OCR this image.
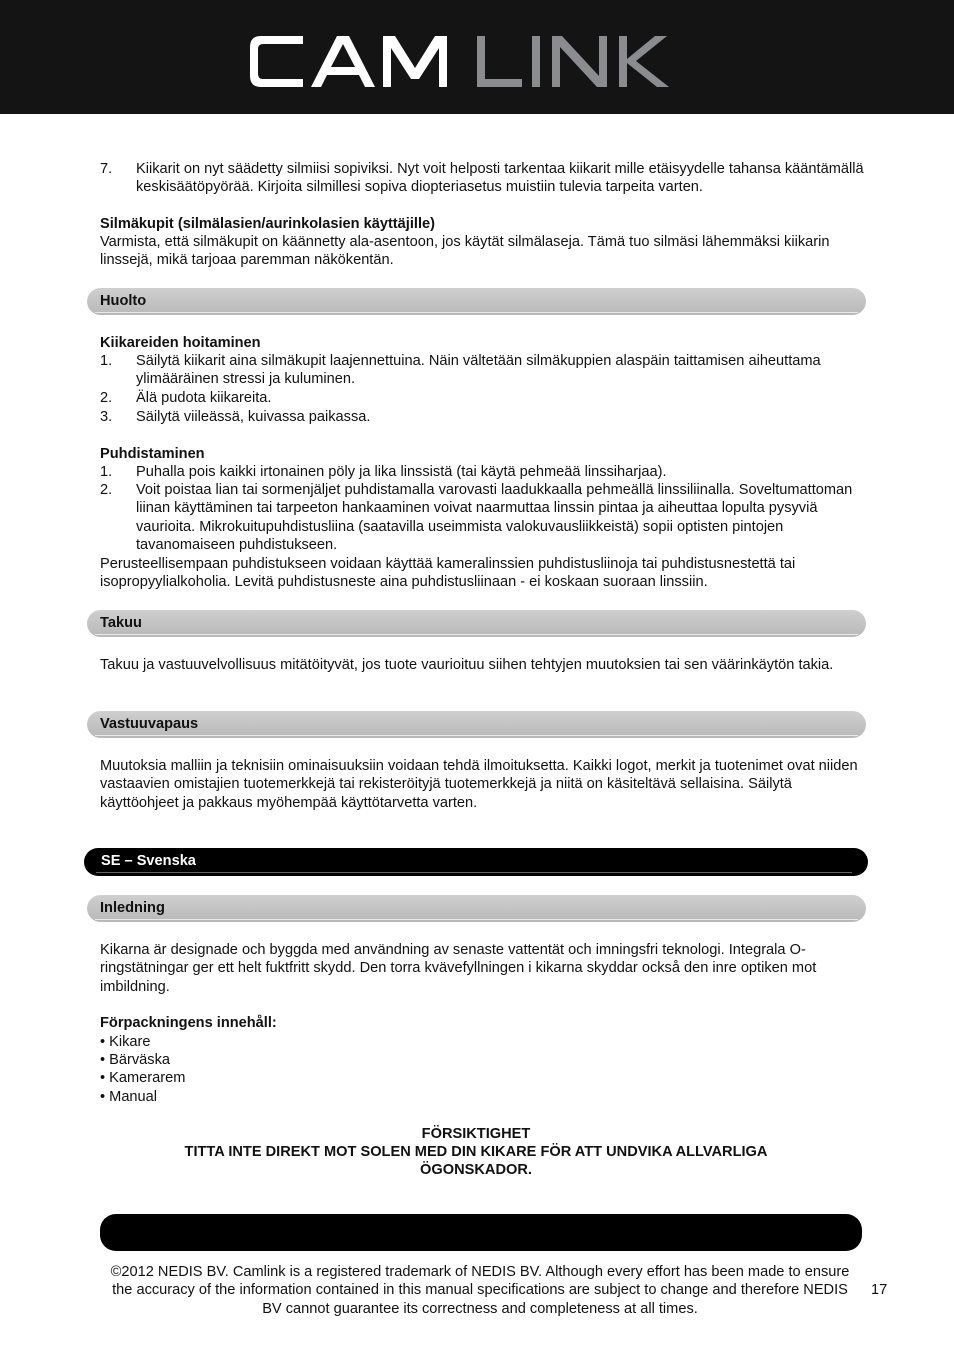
7. Kiikarit on nyt säädetty silmiisi sopiviksi. Nyt voit helposti tarkentaa kiikarit mille etäisyydelle tahansa kääntämällä keskisäätöpyörää. Kirjoita silmillesi sopiva diopteriasetus muistiin tulevia tarpeita varten.
Silmäkupit (silmälasien/aurinkolasien käyttäjille)
Varmista, että silmäkupit on käännetty ala-asentoon, jos käytät silmälaseja. Tämä tuo silmäsi lähemmäksi kiikarin linssejä, mikä tarjoaa paremman näkökentän.
Huolto
Kiikareiden hoitaminen
1. Säilytä kiikarit aina silmäkupit laajennettuina. Näin vältetään silmäkuppien alaspäin taittamisen aiheuttama ylimääräinen stressi ja kuluminen.
2. Älä pudota kiikareita.
3. Säilytä viileässä, kuivassa paikassa.
Puhdistaminen
1. Puhalla pois kaikki irtonainen pöly ja lika linssistä (tai käytä pehmeää linssiharjaa).
2. Voit poistaa lian tai sormenjäljet puhdistamalla varovasti laadukkaalla pehmeällä linssiliinalla. Soveltumattoman liinan käyttäminen tai tarpeeton hankaaminen voivat naarmuttaa linssin pintaa ja aiheuttaa lopulta pysyviä vaurioita. Mikrokuitupuhdistusliina (saatavilla useimmista valokuvausliikkeistä) sopii optisten pintojen tavanomaiseen puhdistukseen.
Perusteellisempaan puhdistukseen voidaan käyttää kameralinssien puhdistusliinoja tai puhdistusnestettä tai isopropyylialkoholia. Levitä puhdistusneste aina puhdistusliinaan - ei koskaan suoraan linssiin.
Takuu
Takuu ja vastuuvelvollisuus mitätöityvät, jos tuote vaurioituu siihen tehtyjen muutoksien tai sen väärinkäytön takia.
Vastuuvapaus
Muutoksia malliin ja teknisiin ominaisuuksiin voidaan tehdä ilmoituksetta. Kaikki logot, merkit ja tuotenimet ovat niiden vastaavien omistajien tuotemerkkejä tai rekisteröityjä tuotemerkkejä ja niitä on käsiteltävä sellaisina. Säilytä käyttöohjeet ja pakkaus myöhempää käyttötarvetta varten.
SE – Svenska
Inledning
Kikarna är designade och byggda med användning av senaste vattentät och imningsfri teknologi. Integrala O-ringstätningar ger ett helt fuktfritt skydd. Den torra kvävefyllningen i kikarna skyddar också den inre optiken mot imbildning.
Förpackningens innehåll:
• Kikare
• Bärväska
• Kamerarem
• Manual
FÖRSIKTIGHET
TITTA INTE DIREKT MOT SOLEN MED DIN KIKARE FÖR ATT UNDVIKA ALLVARLIGA
ÖGONSKADOR.
©2012 NEDIS BV. Camlink is a registered trademark of NEDIS BV. Although every effort has been made to ensure the accuracy of the information contained in this manual specifications are subject to change and therefore NEDIS BV cannot guarantee its correctness and completeness at all times.
17
